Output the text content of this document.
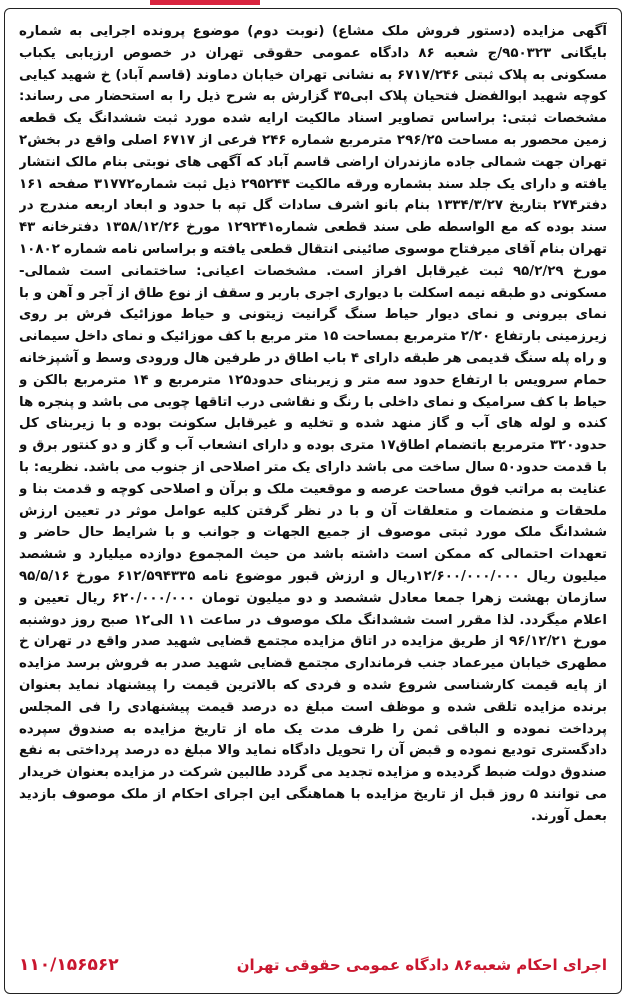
آگهی مزایده (دستور فروش ملک مشاع) (نوبت دوم) موضوع پرونده اجرایی به شماره بایگانی ۹۵۰۳۲۳/ج شعبه ۸۶ دادگاه عمومی حقوقی تهران در خصوص ارزیابی یکباب مسکونی به پلاک ثبتی ۶۷۱۷/۲۴۶ به نشانی تهران خیابان دماوند (قاسم آباد) خ شهید کیایی کوچه شهید ابوالفضل فتحیان پلاک ابی۳۵ گزارش به شرح ذیل را به استحضار می رساند: مشخصات ثبتی: براساس تصاویر اسناد مالکیت ارایه شده مورد ثبت ششدانگ یک قطعه زمین محصور به مساحت ۲۹۶/۲۵ مترمربع شماره ۲۴۶ فرعی از ۶۷۱۷ اصلی واقع در بخش۲ تهران جهت شمالی جاده مازندران اراضی قاسم آباد که آگهی های نوبتی بنام مالک انتشار یافته و دارای یک جلد سند بشماره ورقه مالکیت ۲۹۵۲۴۴ ذیل ثبت شماره۳۱۷۷۲ صفحه ۱۶۱ دفتر۲۷۴ بتاریخ ۱۳۳۴/۳/۲۷ بنام بانو اشرف سادات گل تپه با حدود و ابعاد اربعه مندرج در سند بوده که مع الواسطه طی سند قطعی شماره۱۲۹۲۴۱ مورخ ۱۳۵۸/۱۲/۲۶ دفترخانه ۴۳ تهران بنام آقای میرفتاح موسوی صائینی انتقال قطعی یافته و براساس نامه شماره ۱۰۸۰۲ مورخ ۹۵/۲/۲۹ ثبت غیرقابل افراز است. مشخصات اعیانی: ساختمانی است شمالی- مسکونی دو طبقه نیمه اسکلت با دیواری اجری باربر و سقف از نوع طاق از آجر و آهن و با نمای بیرونی و نمای دیوار حیاط سنگ گرانیت زیتونی و حیاط موزائیک فرش بر روی زیرزمینی بارتفاع ۲/۲۰ مترمربع بمساحت ۱۵ متر مربع با کف موزائیک و نمای داخل سیمانی و راه پله سنگ قدیمی هر طبقه دارای ۴ باب اطاق در طرفین هال ورودی وسط و آشپزخانه حمام سرویس با ارتفاع حدود سه متر و زیربنای حدود۱۲۵ مترمربع و ۱۴ مترمربع بالکن و حیاط با کف سرامیک و نمای داخلی با رنگ و نقاشی درب اتاقها چوبی می باشد و پنجره ها کنده و لوله های آب و گاز منهد شده و تخلیه و غیرقابل سکونت بوده و با زیربنای کل حدود۳۲۰ مترمربع باتضمام اطاق۱۷ متری بوده و دارای انشعاب آب و گاز و دو کنتور برق و با قدمت حدود۵۰ سال ساخت می باشد دارای یک متر اصلاحی از جنوب می باشد. نظریه: با عنایت به مراتب فوق مساحت عرصه و موقعیت ملک و برآن و اصلاحی کوچه و قدمت بنا و ملحقات و منضمات و متعلقات آن و با در نظر گرفتن کلیه عوامل موثر در تعیین ارزش ششدانگ ملک مورد ثبتی موصوف از جمیع الجهات و جوانب و با شرایط حال حاضر و تعهدات احتمالی که ممکن است داشته باشد من حیث المجموع دوازده میلیارد و ششصد میلیون ریال ۱۲/۶۰۰/۰۰۰/۰۰۰ریال و ارزش قبور موضوع نامه ۶۱۲/۵۹۴۳۳۵ مورخ ۹۵/۵/۱۶ سازمان بهشت زهرا جمعا معادل ششصد و دو میلیون تومان ۶۲۰/۰۰۰/۰۰۰ ریال تعیین و اعلام میگردد. لذا مقرر است ششدانگ ملک موصوف در ساعت ۱۱ الی۱۲ صبح روز دوشنبه مورخ ۹۶/۱۲/۲۱ از طریق مزایده در اتاق مزایده مجتمع قضایی شهید صدر واقع در تهران خ مطهری خیابان میرعماد جنب فرمانداری مجتمع قضایی شهید صدر به فروش برسد مزایده از پایه قیمت کارشناسی شروع شده و فردی که بالاترین قیمت را پیشنهاد نماید بعنوان برنده مزایده تلقی شده و موظف است مبلغ ده درصد قیمت پیشنهادی را فی المجلس پرداخت نموده و الباقی ثمن را ظرف مدت یک ماه از تاریخ مزایده به صندوق سپرده دادگستری تودیع نموده و قبض آن را تحویل دادگاه نماید والا مبلغ ده درصد پرداختی به نفع صندوق دولت ضبط گردیده و مزایده تجدید می گردد طالبین شرکت در مزایده بعنوان خریدار می توانند ۵ روز قبل از تاریخ مزایده با هماهنگی این اجرای احکام از ملک موصوف بازدید بعمل آورند.

اجرای احکام شعبه۸۶ دادگاه عمومی حقوقی تهران
۱۱۰/۱۵۶۵۶۲
